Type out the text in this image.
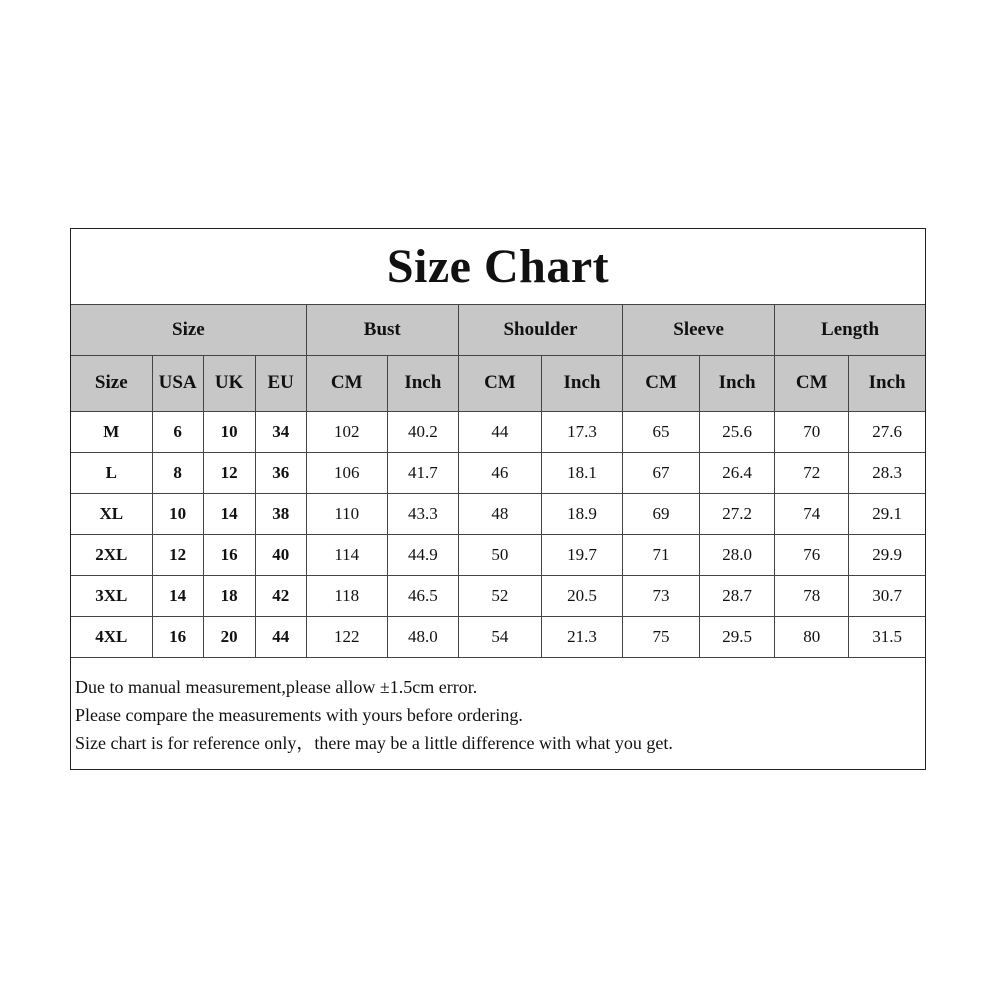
Size Chart											
Size				Bust		Shoulder		Sleeve		Length	
Size	USA	UK	EU	CM	Inch	CM	Inch	CM	Inch	CM	Inch
M	6	10	34	102	40.2	44	17.3	65	25.6	70	27.6
L	8	12	36	106	41.7	46	18.1	67	26.4	72	28.3
XL	10	14	38	110	43.3	48	18.9	69	27.2	74	29.1
2XL	12	16	40	114	44.9	50	19.7	71	28.0	76	29.9
3XL	14	18	42	118	46.5	52	20.5	73	28.7	78	30.7
4XL	16	20	44	122	48.0	54	21.3	75	29.5	80	31.5
Due to manual measurement,please allow ±1.5cm error.
Please compare the measurements with yours before ordering.
Size chart is for reference only，there may be a little difference with what you get.
